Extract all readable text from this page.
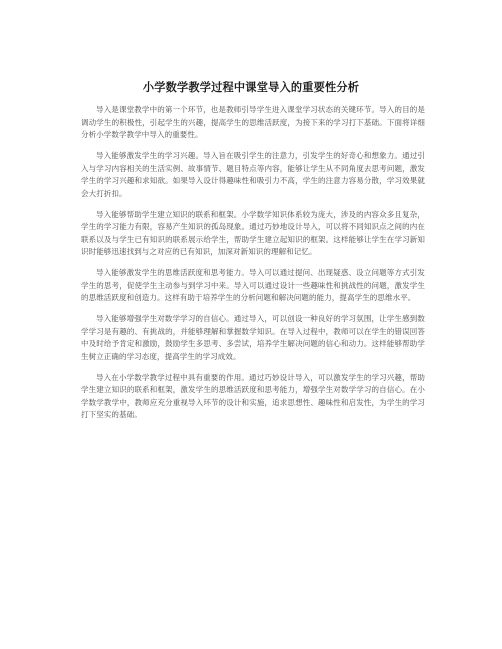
小学数学教学过程中课堂导入的重要性分析

导入是课堂教学中的第一个环节，也是教师引导学生进入课堂学习状态的关键环节。导入的目的是调动学生的积极性，引起学生的兴趣，提高学生的思维活跃度，为接下来的学习打下基础。下面将详细分析小学数学教学中导入的重要性。

导入能够激发学生的学习兴趣。导入旨在吸引学生的注意力，引发学生的好奇心和想象力。通过引入与学习内容相关的生活实例、故事情节、题目特点等内容，能够让学生从不同角度去思考问题，激发学生的学习兴趣和求知欲。如果导入设计得趣味性和吸引力不高，学生的注意力容易分散，学习效果就会大打折扣。

导入能够帮助学生建立知识的联系和框架。小学数学知识体系较为庞大，涉及的内容众多且复杂，学生的学习能力有限，容易产生知识的孤岛现象。通过巧妙地设计导入，可以将不同知识点之间的内在联系以及与学生已有知识的联系展示给学生，帮助学生建立起知识的框架。这样能够让学生在学习新知识时能够迅速找到与之对应的已有知识，加深对新知识的理解和记忆。

导入能够激发学生的思维活跃度和思考能力。导入可以通过提问、出现疑惑、设立问题等方式引发学生的思考，促使学生主动参与到学习中来。导入可以通过设计一些趣味性和挑战性的问题，激发学生的思维活跃度和创造力。这样有助于培养学生的分析问题和解决问题的能力，提高学生的思维水平。

导入能够增强学生对数学学习的自信心。通过导入，可以创设一种良好的学习氛围，让学生感到数学学习是有趣的、有挑战的，并能够理解和掌握数学知识。在导入过程中，教师可以在学生的错误回答中及时给予肯定和激励，鼓励学生多思考、多尝试，培养学生解决问题的信心和动力。这样能够帮助学生树立正确的学习态度，提高学生的学习成效。

导入在小学数学教学过程中具有重要的作用。通过巧妙设计导入，可以激发学生的学习兴趣，帮助学生建立知识的联系和框架，激发学生的思维活跃度和思考能力，增强学生对数学学习的自信心。在小学数学教学中，教师应充分重视导入环节的设计和实施，追求思想性、趣味性和启发性，为学生的学习打下坚实的基础。
